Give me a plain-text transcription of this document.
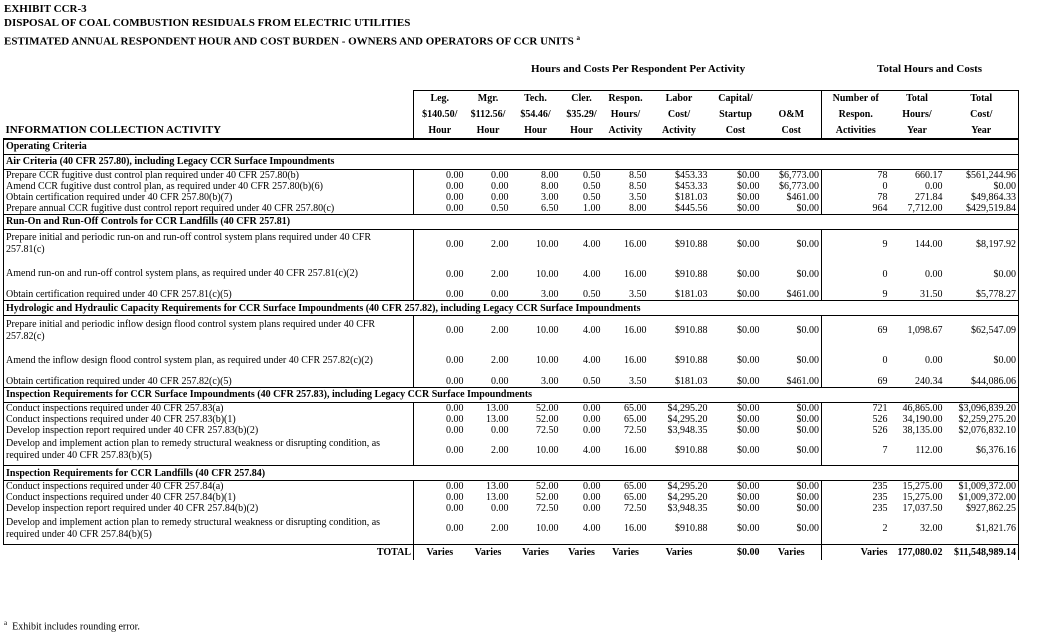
EXHIBIT CCR-3
DISPOSAL OF COAL COMBUSTION RESIDUALS FROM ELECTRIC UTILITIES
ESTIMATED ANNUAL RESPONDENT HOUR AND COST BURDEN - OWNERS AND OPERATORS OF CCR UNITS $^a$
Hours and Costs Per Respondent Per Activity	Total Hours and Costs
	Leg.	Mgr.	Tech.	Cler.	Respon.	Labor	Capital/		Number of	Total	Total
	$140.50/	$112.56/	$54.46/	$35.29/	Hours/	Cost/	Startup	O&M	Respon.	Hours/	Cost/
INFORMATION COLLECTION ACTIVITY	Hour	Hour	Hour	Hour	Activity	Activity	Cost	Cost	Activities	Year	Year
Operating Criteria											
Air Criteria (40 CFR 257.80), including Legacy CCR Surface Impoundments											
Prepare CCR fugitive dust control plan required under 40 CFR 257.80(b)	0.00	0.00	8.00	0.50	8.50	$453.33	$0.00	$6,773.00	78	660.17	$561,244.96
Amend CCR fugitive dust control plan, as required under 40 CFR 257.80(b)(6)	0.00	0.00	8.00	0.50	8.50	$453.33	$0.00	$6,773.00	0	0.00	$0.00
Obtain certification required under 40 CFR 257.80(b)(7)	0.00	0.00	3.00	0.50	3.50	$181.03	$0.00	$461.00	78	271.84	$49,864.33
Prepare annual CCR fugitive dust control report required under 40 CFR 257.80(c)	0.00	0.50	6.50	1.00	8.00	$445.56	$0.00	$0.00	964	7,712.00	$429,519.84
Run-On and Run-Off Controls for CCR Landfills (40 CFR 257.81)											
Prepare initial and periodic run-on and run-off control system plans required under 40 CFR 257.81(c)	0.00	2.00	10.00	4.00	16.00	$910.88	$0.00	$0.00	9	144.00	$8,197.92
Amend run-on and run-off control system plans, as required under 40 CFR 257.81(c)(2)	0.00	2.00	10.00	4.00	16.00	$910.88	$0.00	$0.00	0	0.00	$0.00
Obtain certification required under 40 CFR 257.81(c)(5)	0.00	0.00	3.00	0.50	3.50	$181.03	$0.00	$461.00	9	31.50	$5,778.27
Hydrologic and Hydraulic Capacity Requirements for CCR Surface Impoundments (40 CFR 257.82), including Legacy CCR Surface Impoundments											
Prepare initial and periodic inflow design flood control system plans required under 40 CFR 257.82(c)	0.00	2.00	10.00	4.00	16.00	$910.88	$0.00	$0.00	69	1,098.67	$62,547.09
Amend the inflow design flood control system plan, as required under 40 CFR 257.82(c)(2)	0.00	2.00	10.00	4.00	16.00	$910.88	$0.00	$0.00	0	0.00	$0.00
Obtain certification required under 40 CFR 257.82(c)(5)	0.00	0.00	3.00	0.50	3.50	$181.03	$0.00	$461.00	69	240.34	$44,086.06
Inspection Requirements for CCR Surface Impoundments (40 CFR 257.83), including Legacy CCR Surface Impoundments											
Conduct inspections required under 40 CFR 257.83(a)	0.00	13.00	52.00	0.00	65.00	$4,295.20	$0.00	$0.00	721	46,865.00	$3,096,839.20
Conduct inspections required under 40 CFR 257.83(b)(1)	0.00	13.00	52.00	0.00	65.00	$4,295.20	$0.00	$0.00	526	34,190.00	$2,259,275.20
Develop inspection report required under 40 CFR 257.83(b)(2)	0.00	0.00	72.50	0.00	72.50	$3,948.35	$0.00	$0.00	526	38,135.00	$2,076,832.10
Develop and implement action plan to remedy structural weakness or disrupting condition, as required under 40 CFR 257.83(b)(5)	0.00	2.00	10.00	4.00	16.00	$910.88	$0.00	$0.00	7	112.00	$6,376.16
Inspection Requirements for CCR Landfills (40 CFR 257.84)											
Conduct inspections required under 40 CFR 257.84(a)	0.00	13.00	52.00	0.00	65.00	$4,295.20	$0.00	$0.00	235	15,275.00	$1,009,372.00
Conduct inspections required under 40 CFR 257.84(b)(1)	0.00	13.00	52.00	0.00	65.00	$4,295.20	$0.00	$0.00	235	15,275.00	$1,009,372.00
Develop inspection report required under 40 CFR 257.84(b)(2)	0.00	0.00	72.50	0.00	72.50	$3,948.35	$0.00	$0.00	235	17,037.50	$927,862.25
Develop and implement action plan to remedy structural weakness or disrupting condition, as required under 40 CFR 257.84(b)(5)	0.00	2.00	10.00	4.00	16.00	$910.88	$0.00	$0.00	2	32.00	$1,821.76
TOTAL	Varies	Varies	Varies	Varies	Varies	Varies	$0.00	Varies	Varies	177,080.02	$11,548,989.14
$^a$ Exhibit includes rounding error.
